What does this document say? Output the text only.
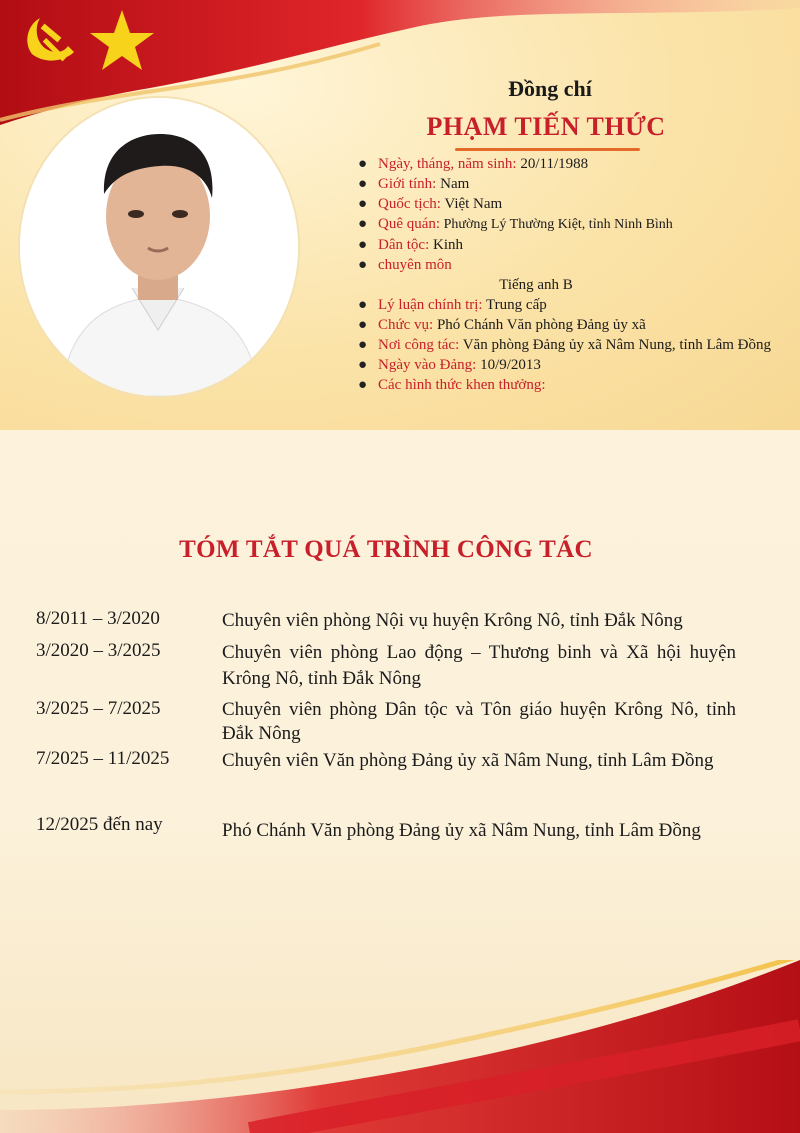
Đồng chí
PHẠM TIẾN THỨC
● Ngày, tháng, năm sinh: 20/11/1988
● Giới tính: Nam
● Quốc tịch: Việt Nam
● Quê quán: Phường Lý Thường Kiệt, tỉnh Ninh Bình
● Dân tộc: Kinh
● chuyên môn
Tiếng anh B
● Lý luận chính trị: Trung cấp
● Chức vụ: Phó Chánh Văn phòng Đảng ủy xã
● Nơi công tác: Văn phòng Đảng ủy xã Nâm Nung, tỉnh Lâm Đồng
● Ngày vào Đảng: 10/9/2013
● Các hình thức khen thưởng:
TÓM TẮT QUÁ TRÌNH CÔNG TÁC
8/2011 – 3/2020	Chuyên viên phòng Nội vụ huyện Krông Nô, tỉnh Đắk Nông
3/2020 – 3/2025	Chuyên viên phòng Lao động – Thương binh và Xã hội huyện Krông Nô, tỉnh Đắk Nông
3/2025 – 7/2025	Chuyên viên phòng Dân tộc và Tôn giáo huyện Krông Nô, tỉnh Đắk Nông
7/2025 – 11/2025	Chuyên viên Văn phòng Đảng ủy xã Nâm Nung, tỉnh Lâm Đồng
12/2025 đến nay	Phó Chánh Văn phòng Đảng ủy xã Nâm Nung, tỉnh Lâm Đồng
